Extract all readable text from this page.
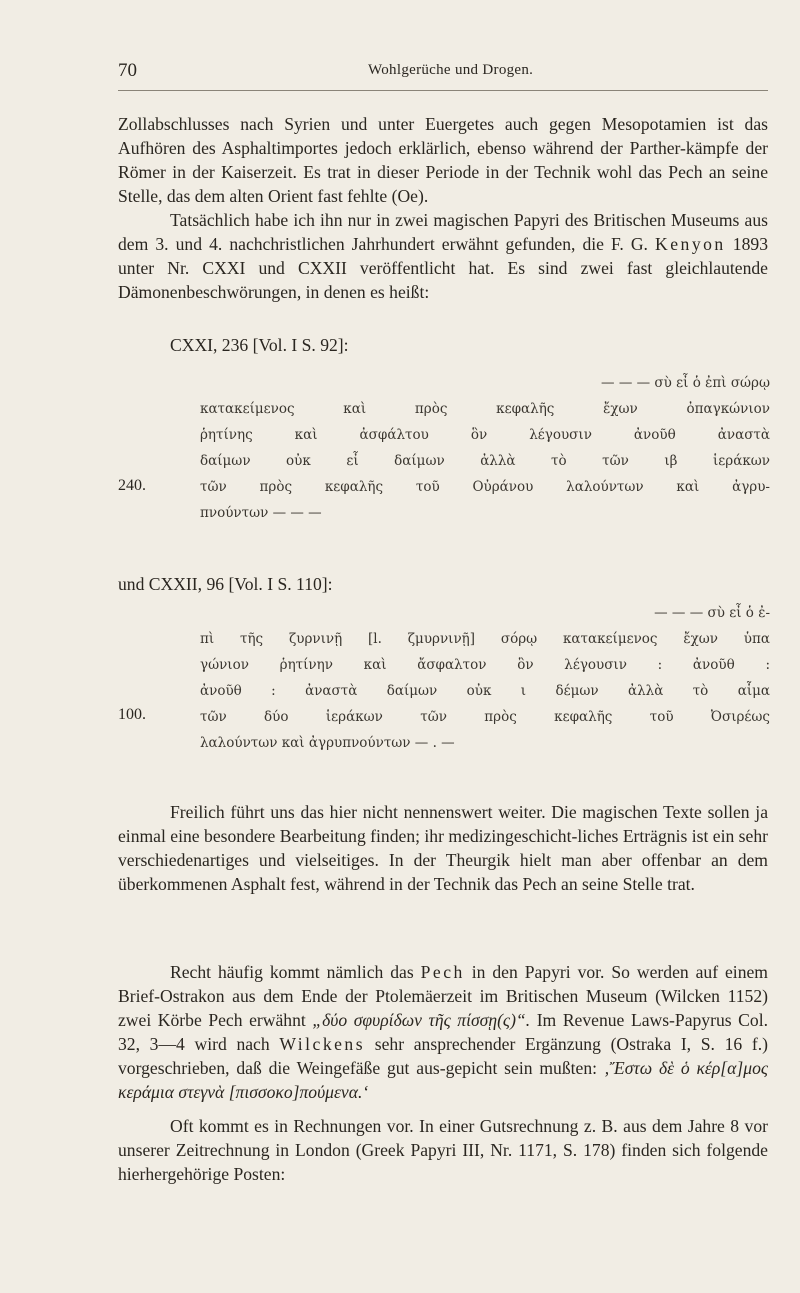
70	Wohlgerüche und Drogen.

Zollabschlusses nach Syrien und unter Euergetes auch gegen Mesopotamien ist das Aufhören des Asphaltimportes jedoch erklärlich, ebenso während der Parther-kämpfe der Römer in der Kaiserzeit. Es trat in dieser Periode in der Technik wohl das Pech an seine Stelle, das dem alten Orient fast fehlte (Oe).

Tatsächlich habe ich ihn nur in zwei magischen Papyri des Britischen Museums aus dem 3. und 4. nachchristlichen Jahrhundert erwähnt gefunden, die F. G. Kenyon 1893 unter Nr. CXXI und CXXII veröffentlicht hat. Es sind zwei fast gleichlautende Dämonenbeschwörungen, in denen es heißt:

CXXI, 236 [Vol. I S. 92]:
— — — σὺ εἶ ὁ ἐπὶ σώρῳ
κατακείμενος καὶ πρὸς κεφαλῆς ἔχων ὀπαγκώνιον
ῥητίνης καὶ ἀσφάλτου ὃν λέγουσιν ἀνοῦθ ἀναστὰ
δαίμων οὐκ εἶ δαίμων ἀλλὰ τὸ τῶν ιβ ἱεράκων
τῶν πρὸς κεφαλῆς τοῦ Οὐράνου λαλούντων καὶ ἀγρυ-
πνούντων — — —
240.
und CXXII, 96 [Vol. I S. 110]:
— — — σὺ εἶ ὁ ἐ-
πὶ τῆς ζυρνινῇ [l. ζμυρνινῇ] σόρῳ κατακείμενος ἔχων ὑπα
γώνιον ῥητίνην καὶ ἄσφαλτον ὃν λέγουσιν : ἀνοῦθ :
ἀνοῦθ : ἀναστὰ δαίμων οὐκ ι δέμων ἀλλὰ τὸ αἷμα
τῶν δύο ἱεράκων τῶν πρὸς κεφαλῆς τοῦ Ὀσιρέως
λαλούντων καὶ ἀγρυπνούντων — . —
100.

Freilich führt uns das hier nicht nennenswert weiter. Die magischen Texte sollen ja einmal eine besondere Bearbeitung finden; ihr medizingeschicht-liches Erträgnis ist ein sehr verschiedenartiges und vielseitiges. In der Theurgik hielt man aber offenbar an dem überkommenen Asphalt fest, während in der Technik das Pech an seine Stelle trat.

Recht häufig kommt nämlich das Pech in den Papyri vor. So werden auf einem Brief-Ostrakon aus dem Ende der Ptolemäerzeit im Britischen Museum (Wilcken 1152) zwei Körbe Pech erwähnt „δύο σφυρίδων τῆς πίσσῃ(ς)“. Im Revenue Laws-Papyrus Col. 32, 3—4 wird nach Wilckens sehr ansprechender Ergänzung (Ostraka I, S. 16 f.) vorgeschrieben, daß die Weingefäße gut aus-gepicht sein mußten: ‚Ἔστω δὲ ὁ κέρ[α]μος κεράμια στεγνὰ [πισσοκο]πούμενα.‘

Oft kommt es in Rechnungen vor. In einer Gutsrechnung z. B. aus dem Jahre 8 vor unserer Zeitrechnung in London (Greek Papyri III, Nr. 1171, S. 178) finden sich folgende hierhergehörige Posten:
